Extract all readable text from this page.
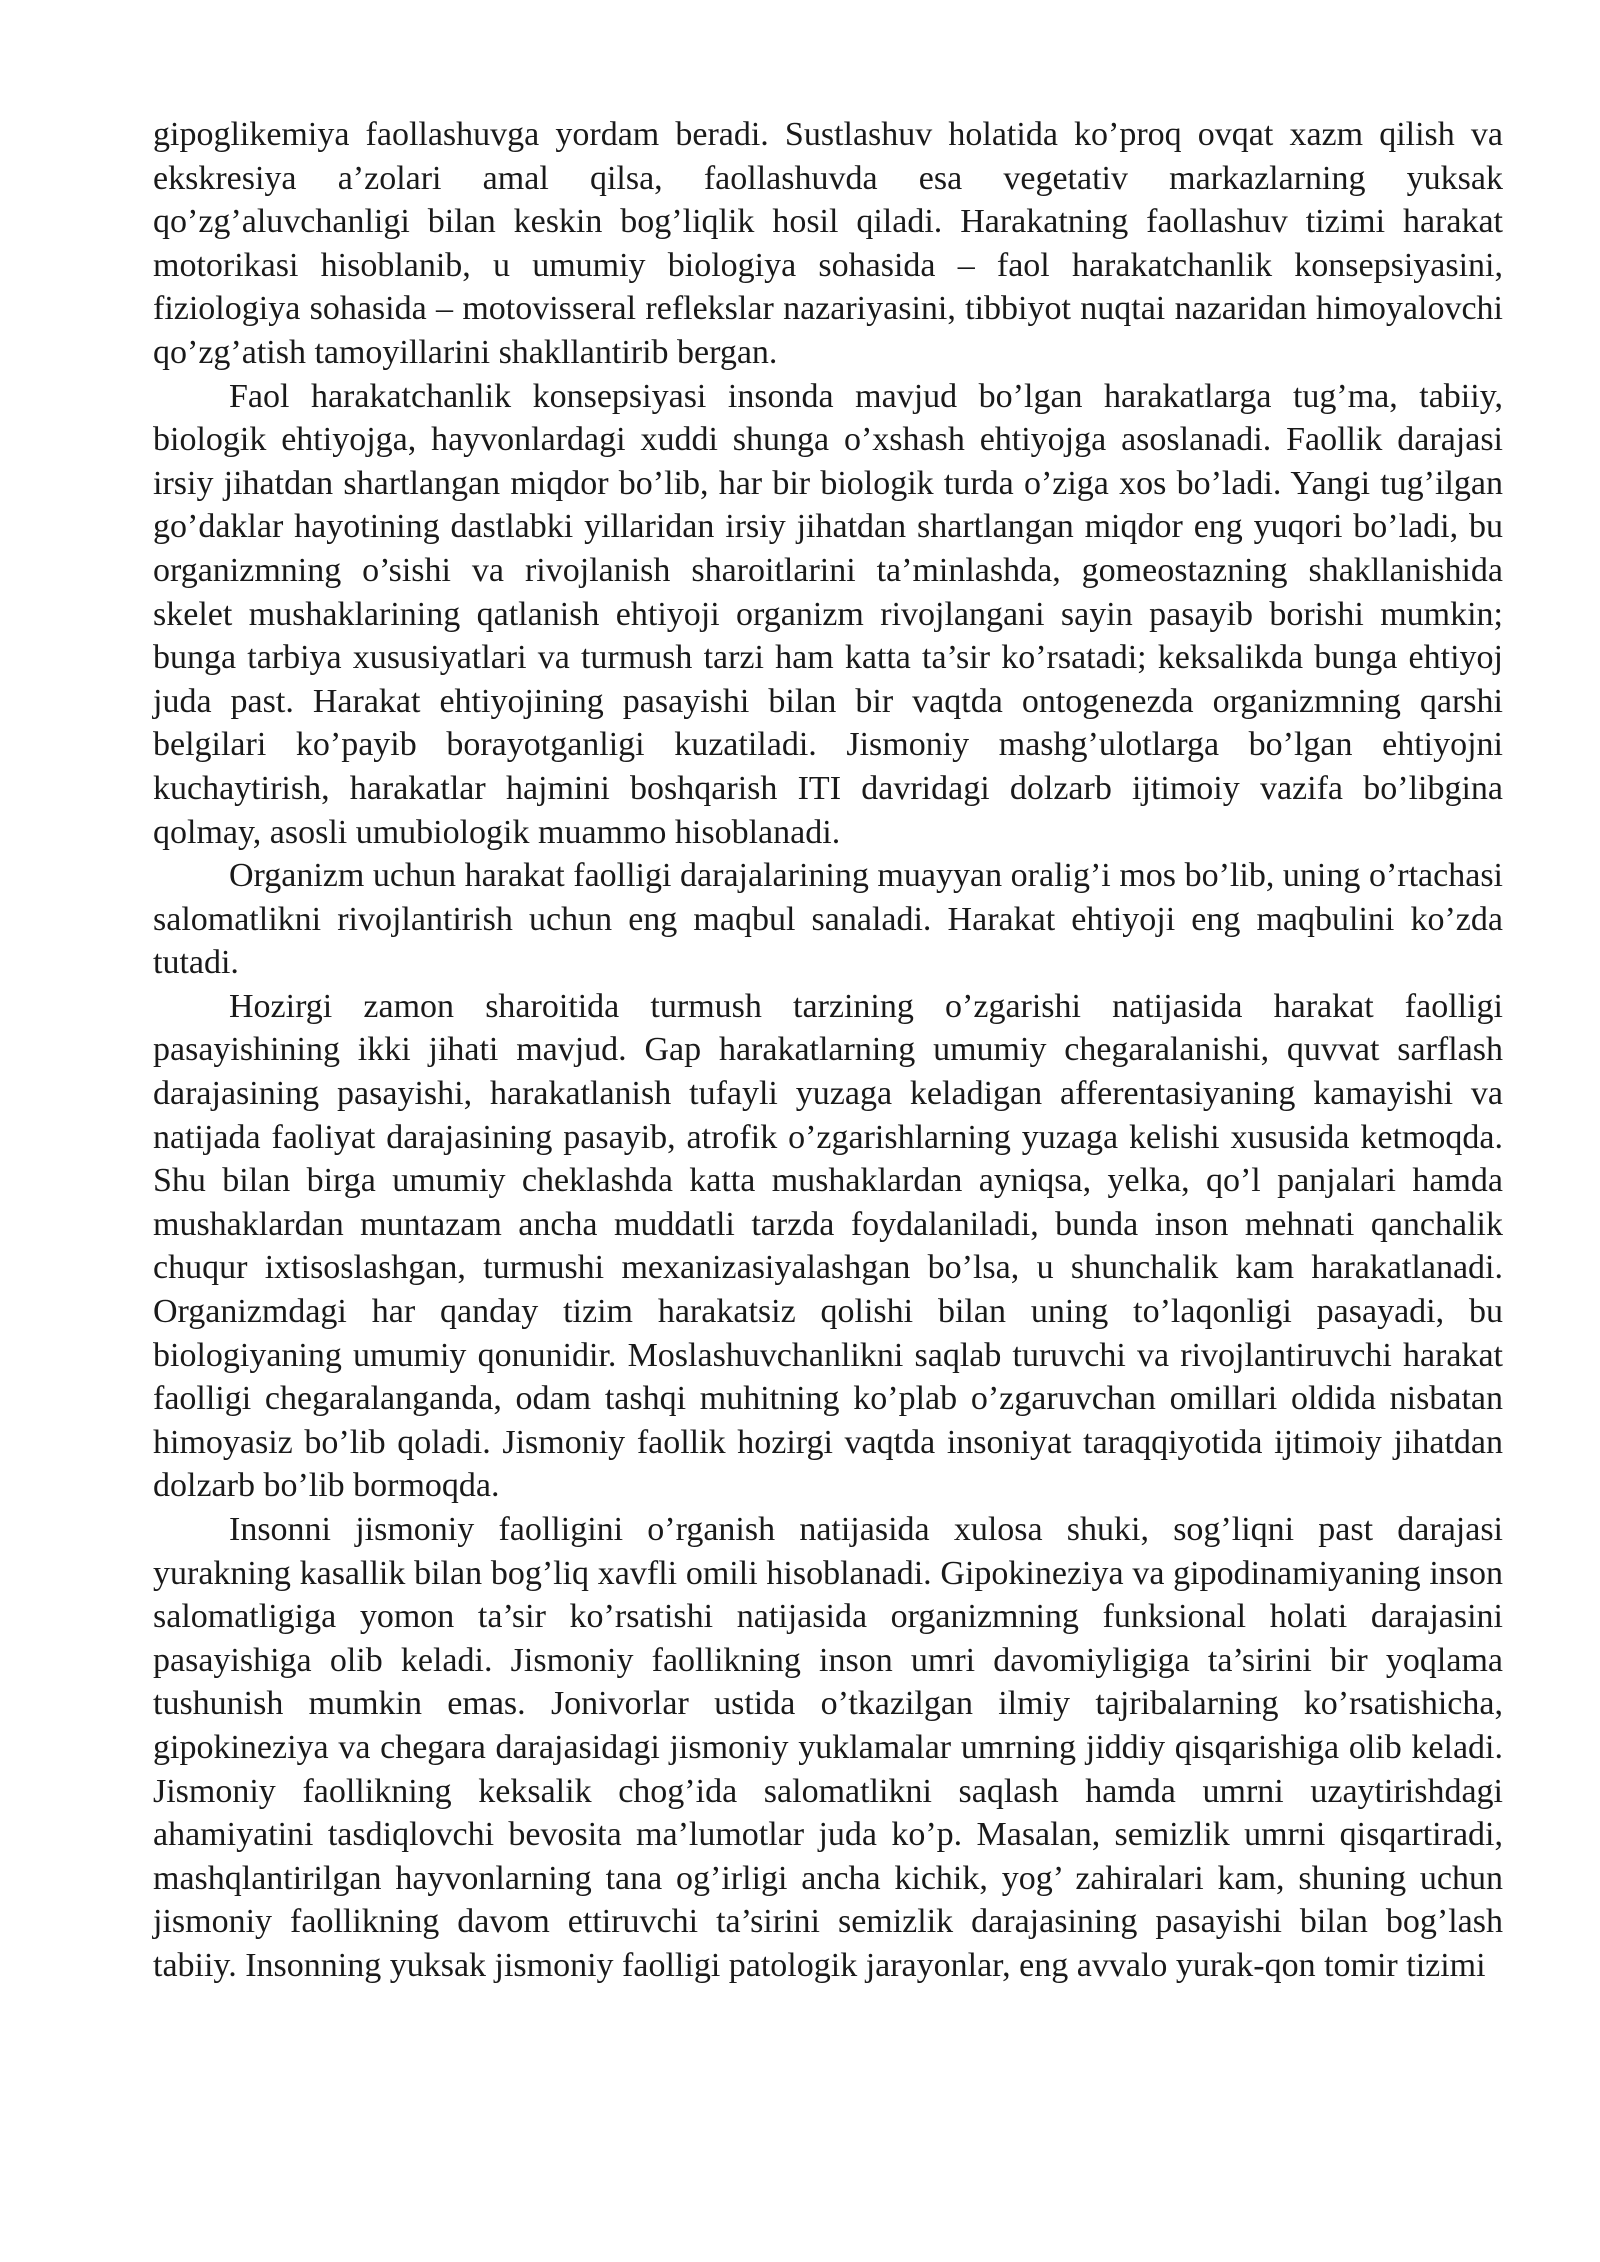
gipoglikemiya faollashuvga yordam beradi. Sustlashuv holatida ko’proq ovqat xazm qilish va ekskresiya a’zolari amal qilsa, faollashuvda esa vegetativ markazlarning yuksak qo’zg’aluvchanligi bilan keskin bog’liqlik hosil qiladi. Harakatning faollashuv tizimi harakat motorikasi hisoblanib, u umumiy biologiya sohasida – faol harakatchanlik konsepsiyasini, fiziologiya sohasida – motovisseral reflekslar nazariyasini, tibbiyot nuqtai nazaridan himoyalovchi qo’zg’atish tamoyillarini shakllantirib bergan.

Faol harakatchanlik konsepsiyasi insonda mavjud bo’lgan harakatlarga tug’ma, tabiiy, biologik ehtiyojga, hayvonlardagi xuddi shunga o’xshash ehtiyojga asoslanadi. Faollik darajasi irsiy jihatdan shartlangan miqdor bo’lib, har bir biologik turda o’ziga xos bo’ladi. Yangi tug’ilgan go’daklar hayotining dastlabki yillaridan irsiy jihatdan shartlangan miqdor eng yuqori bo’ladi, bu organizmning o’sishi va rivojlanish sharoitlarini ta’minlashda, gomeostazning shakllanishida skelet mushaklarining qatlanish ehtiyoji organizm rivojlangani sayin pasayib borishi mumkin; bunga tarbiya xususiyatlari va turmush tarzi ham katta ta’sir ko’rsatadi; keksalikda bunga ehtiyoj juda past. Harakat ehtiyojining pasayishi bilan bir vaqtda ontogenezda organizmning qarshi belgilari ko’payib borayotganligi kuzatiladi. Jismoniy mashg’ulotlarga bo’lgan ehtiyojni kuchaytirish, harakatlar hajmini boshqarish ITI davridagi dolzarb ijtimoiy vazifa bo’libgina qolmay, asosli umubiologik muammo hisoblanadi.

Organizm uchun harakat faolligi darajalarining muayyan oralig’i mos bo’lib, uning o’rtachasi salomatlikni rivojlantirish uchun eng maqbul sanaladi. Harakat ehtiyoji eng maqbulini ko’zda tutadi.

Hozirgi zamon sharoitida turmush tarzining o’zgarishi natijasida harakat faolligi pasayishining ikki jihati mavjud. Gap harakatlarning umumiy chegaralanishi, quvvat sarflash darajasining pasayishi, harakatlanish tufayli yuzaga keladigan afferentasiyaning kamayishi va natijada faoliyat darajasining pasayib, atrofik o’zgarishlarning yuzaga kelishi xususida ketmoqda. Shu bilan birga umumiy cheklashda katta mushaklardan ayniqsa, yelka, qo’l panjalari hamda mushaklardan muntazam ancha muddatli tarzda foydalaniladi, bunda inson mehnati qanchalik chuqur ixtisoslashgan, turmushi mexanizasiyalashgan bo’lsa, u shunchalik kam harakatlanadi. Organizmdagi har qanday tizim harakatsiz qolishi bilan uning to’laqonligi pasayadi, bu biologiyaning umumiy qonunidir. Moslashuvchanlikni saqlab turuvchi va rivojlantiruvchi harakat faolligi chegaralanganda, odam tashqi muhitning ko’plab o’zgaruvchan omillari oldida nisbatan himoyasiz bo’lib qoladi. Jismoniy faollik hozirgi vaqtda insoniyat taraqqiyotida ijtimoiy jihatdan dolzarb bo’lib bormoqda.

Insonni jismoniy faolligini o’rganish natijasida xulosa shuki, sog’liqni past darajasi yurakning kasallik bilan bog’liq xavfli omili hisoblanadi. Gipokineziya va gipodinamiyaning inson salomatligiga yomon ta’sir ko’rsatishi natijasida organizmning funksional holati darajasini pasayishiga olib keladi. Jismoniy faollikning inson umri davomiyligiga ta’sirini bir yoqlama tushunish mumkin emas. Jonivorlar ustida o’tkazilgan ilmiy tajribalarning ko’rsatishicha, gipokineziya va chegara darajasidagi jismoniy yuklamalar umrning jiddiy qisqarishiga olib keladi. Jismoniy faollikning keksalik chog’ida salomatlikni saqlash hamda umrni uzaytirishdagi ahamiyatini tasdiqlovchi bevosita ma’lumotlar juda ko’p. Masalan, semizlik umrni qisqartiradi, mashqlantirilgan hayvonlarning tana og’irligi ancha kichik, yog’ zahiralari kam, shuning uchun jismoniy faollikning davom ettiruvchi ta’sirini semizlik darajasining pasayishi bilan bog’lash tabiiy. Insonning yuksak jismoniy faolligi patologik jarayonlar, eng avvalo yurak-qon tomir tizimi
